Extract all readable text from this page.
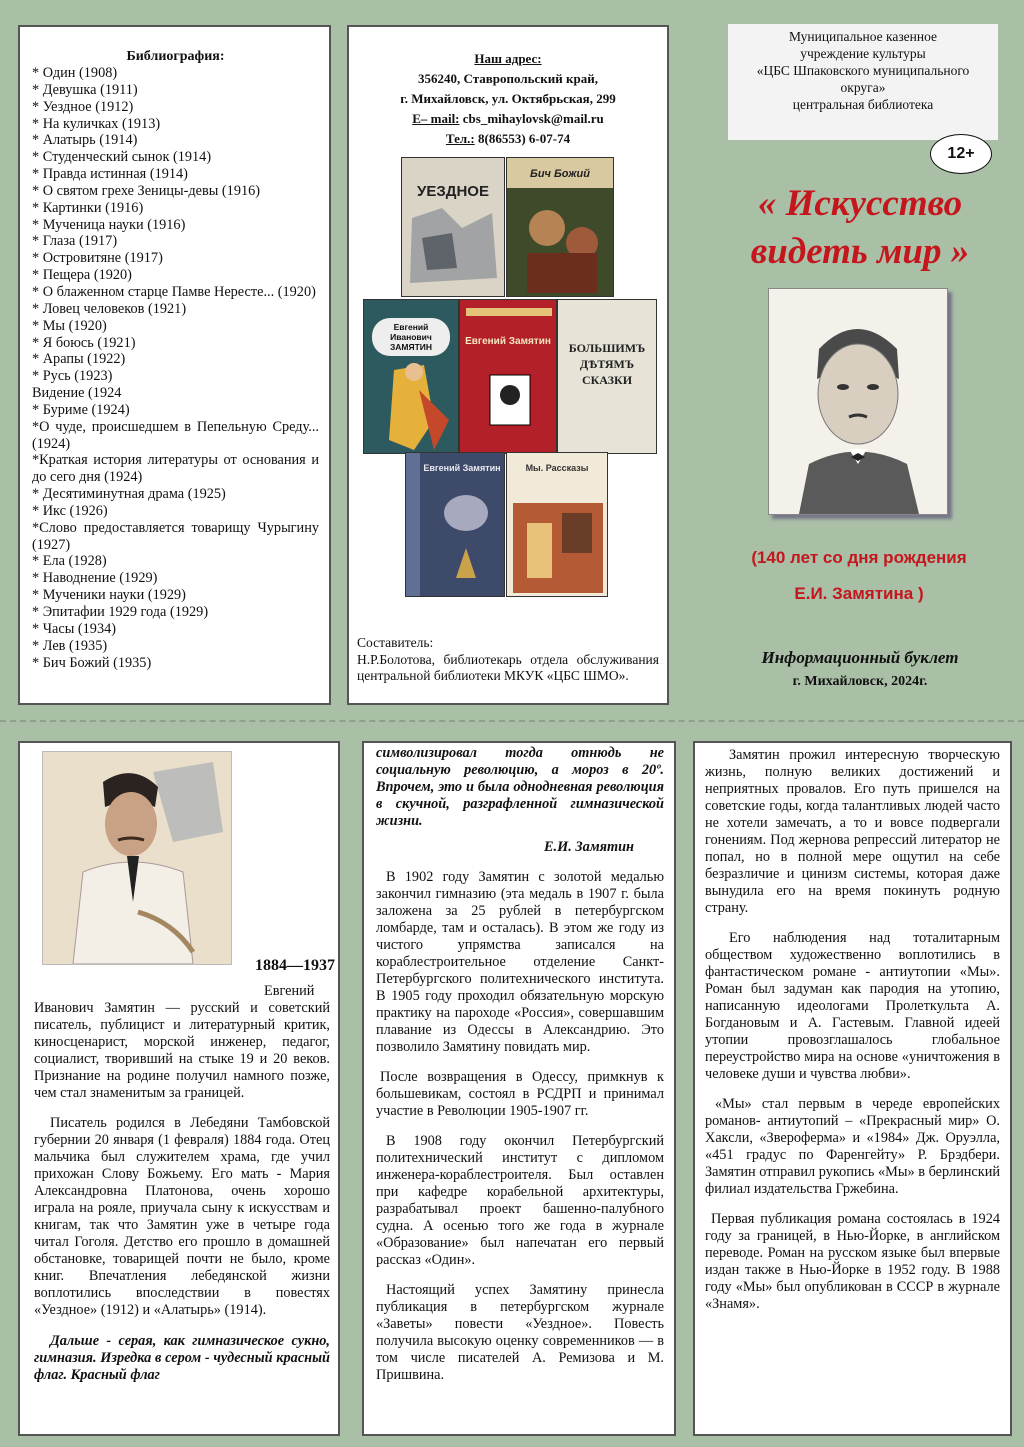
Библиография:
* Один (1908)
* Девушка (1911)
* Уездное (1912)
* На куличках (1913)
* Алатырь (1914)
* Студенческий сынок (1914)
* Правда истинная (1914)
* О святом грехе Зеницы-девы (1916)
* Картинки (1916)
* Мученица науки (1916)
* Глаза (1917)
* Островитяне (1917)
* Пещера (1920)
* О блаженном старце Памве Нересте... (1920)
* Ловец человеков (1921)
* Мы (1920)
* Я боюсь (1921)
* Арапы (1922)
* Русь (1923)
Видение (1924
* Буриме (1924)
*О чуде, происшедшем в Пепельную Среду... (1924)
*Краткая история литературы от основания и до сего дня (1924)
* Десятиминутная драма (1925)
* Икс (1926)
*Слово предоставляется товарищу Чурыгину (1927)
* Ела (1928)
* Наводнение (1929)
* Мученики науки (1929)
* Эпитафии 1929 года (1929)
* Часы (1934)
* Лев (1935)
* Бич Божий (1935)
Наш адрес:
356240, Ставропольский край,
г. Михайловск, ул. Октябрьская, 299
E– mail: cbs_mihaylovsk@mail.ru
Тел.: 8(86553) 6-07-74
УЕЗДНОЕ
Бич Божий
Евгений Иванович ЗАМЯТИН	Евгений Замятин	БОЛЬШИМЪ ДѢТЯМЪ СКАЗКИ
Евгений Замятин	Мы. Рассказы

Составитель:

Н.Р.Болотова, библиотекарь отдела обслуживания центральной библиотеки МКУК «ЦБС ШМО».

Муниципальное казенное
учреждение культуры
«ЦБС Шпаковского муниципального
округа»
центральная библиотека
12+
« Искусство видеть мир »
(140 лет со дня рождения
Е.И. Замятина )
Информационный буклет
г. Михайловск, 2024г.
1884—1937

Евгений Иванович Замятин — русский и советский писатель, публицист и литературный критик, киносценарист, морской инженер, педагог, социалист, творивший на стыке 19 и 20 веков. Признание на родине получил намного позже, чем стал знаменитым за границей.

Писатель родился в Лебедяни Тамбовской губернии 20 января (1 февраля) 1884 года. Отец мальчика был служителем храма, где учил прихожан Слову Божьему. Его мать - Мария Александровна Платонова, очень хорошо играла на рояле, приучала сыну к искусствам и книгам, так что Замятин уже в четыре года читал Гоголя. Детство его прошло в домашней обстановке, товарищей почти не было, кроме книг. Впечатления лебедянской жизни воплотились впоследствии в повестях «Уездное» (1912) и «Алатырь» (1914).

Дальше - серая, как гимназическое сукно, гимназия. Изредка в сером - чудесный красный флаг. Красный флаг

символизировал тогда отнюдь не социальную революцию, а мороз в 20º. Впрочем, это и была однодневная революция в скучной, разграфленной гимназической жизни.

Е.И. Замятин

В 1902 году Замятин с золотой медалью закончил гимназию (эта медаль в 1907 г. была заложена за 25 рублей в петербургском ломбарде, там и осталась). В этом же году из чистого упрямства записался на кораблестроительное отделение Санкт-Петербургского политехнического института. В 1905 году проходил обязательную морскую практику на пароходе «Россия», совершавшим плавание из Одессы в Александрию. Это позволило Замятину повидать мир.

После возвращения в Одессу, примкнув к большевикам, состоял в РСДРП и принимал участие в Революции 1905-1907 гг.

В 1908 году окончил Петербургский политехнический институт с дипломом инженера-кораблестроителя. Был оставлен при кафедре корабельной архитектуры, разрабатывал проект башенно-палубного судна. А осенью того же года в журнале «Образование» был напечатан его первый рассказ «Один».

Настоящий успех Замятину принесла публикация в петербургском журнале «Заветы» повести «Уездное». Повесть получила высокую оценку современников — в том числе писателей А. Ремизова и М. Пришвина.

Замятин прожил интересную творческую жизнь, полную великих достижений и неприятных провалов. Его путь пришелся на советские годы, когда талантливых людей часто не хотели замечать, а то и вовсе подвергали гонениям. Под жернова репрессий литератор не попал, но в полной мере ощутил на себе безразличие и цинизм системы, которая даже вынудила его на время покинуть родную страну.

Его наблюдения над тоталитарным обществом художественно воплотились в фантастическом романе - антиутопии «Мы». Роман был задуман как пародия на утопию, написанную идеологами Пролеткульта А. Богдановым и А. Гастевым. Главной идеей утопии провозглашалось глобальное переустройство мира на основе «уничтожения в человеке души и чувства любви».

«Мы» стал первым в череде европейских романов- антиутопий – «Прекрасный мир» О. Хаксли, «Звероферма» и «1984» Дж. Оруэлла, «451 градус по Фаренгейту» Р. Брэдбери. Замятин отправил рукопись «Мы» в берлинский филиал издательства Гржебина.

Первая публикация романа состоялась в 1924 году за границей, в Нью-Йорке, в английском переводе. Роман на русском языке был впервые издан также в Нью-Йорке в 1952 году. В 1988 году «Мы» был опубликован в СССР в журнале «Знамя».
